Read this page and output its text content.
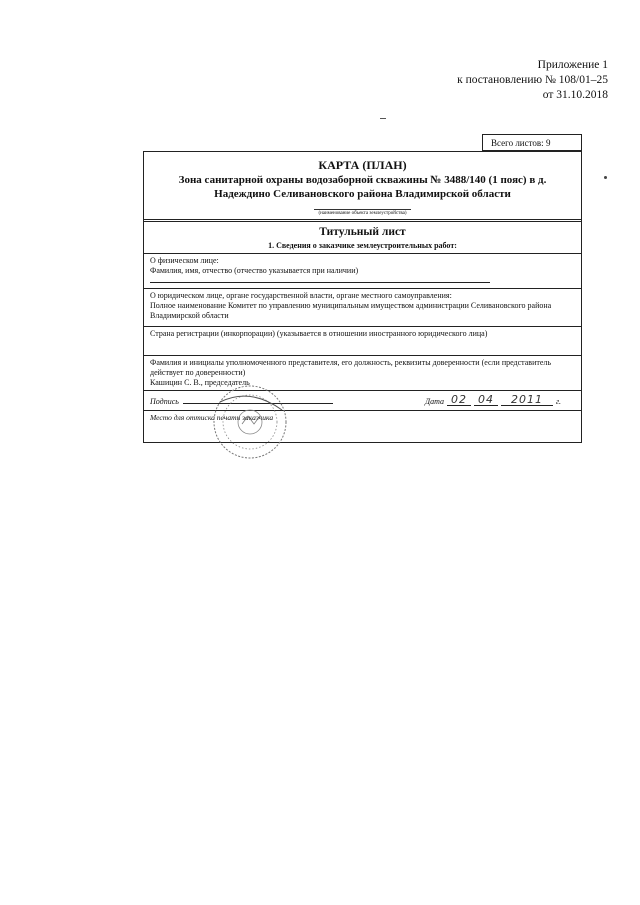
Приложение 1
к постановлению № 108/01–25
от 31.10.2018
Всего листов: 9
КАРТА (ПЛАН)
Зона санитарной охраны водозаборной скважины № 3488/140 (1 пояс) в д. Надеждино Селивановского района Владимирской области
(наименование объекта землеустройства)
Титульный лист
1. Сведения о заказчике землеустроительных работ:
О физическом лице:
Фамилия, имя, отчество (отчество указывается при наличии)
О юридическом лице, органе государственной власти, органе местного самоуправления:
Полное наименование Комитет по управлению муниципальным имуществом администрации Селивановского района Владимирской области
Страна регистрации (инкорпорации) (указывается в отношении иностранного юридического лица)
Фамилия и инициалы уполномоченного представителя, его должность, реквизиты доверенности (если представитель действует по доверенности)
Кашицин С. В., председатель
Подпись	Дата 02	04	2011	г.
Место для оттиска печати заказчика
